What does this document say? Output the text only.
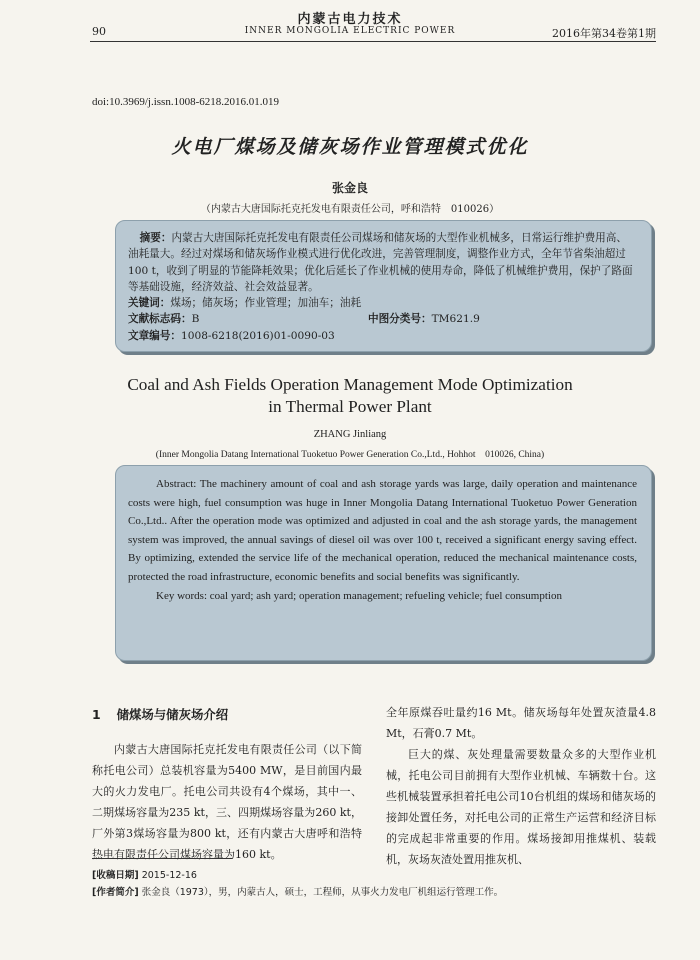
内蒙古电力技术
INNER MONGOLIA ELECTRIC POWER
90	2016年第34卷第1期
doi:10.3969/j.issn.1008-6218.2016.01.019
火电厂煤场及储灰场作业管理模式优化
张金良
（内蒙古大唐国际托克托发电有限责任公司，呼和浩特　010026）

摘要：内蒙古大唐国际托克托发电有限责任公司煤场和储灰场的大型作业机械多，日常运行维护费用高、油耗量大。经过对煤场和储灰场作业模式进行优化改进，完善管理制度，调整作业方式，全年节省柴油超过100 t，收到了明显的节能降耗效果；优化后延长了作业机械的使用寿命，降低了机械维护费用，保护了路面等基础设施，经济效益、社会效益显著。

关键词：煤场；储灰场；作业管理；加油车；油耗

文献标志码：B	中图分类号：TM621.9

文章编号：1008-6218(2016)01-0090-03

Coal and Ash Fields Operation Management Mode Optimization
in Thermal Power Plant
ZHANG Jinliang
(Inner Mongolia Datang International Tuoketuo Power Generation Co.,Ltd., Hohhot　010026, China)

Abstract: The machinery amount of coal and ash storage yards was large, daily operation and maintenance costs were high, fuel consumption was huge in Inner Mongolia Datang International Tuoketuo Power Generation Co.,Ltd.. After the operation mode was optimized and adjusted in coal and the ash storage yards, the management system was improved, the annual savings of diesel oil was over 100 t, received a significant energy saving effect. By optimizing, extended the service life of the mechanical operation, reduced the mechanical maintenance costs, protected the road infrastructure, economic benefits and social benefits was significantly.

Key words: coal yard; ash yard; operation management; refueling vehicle; fuel consumption

1 储煤场与储灰场介绍
内蒙古大唐国际托克托发电有限责任公司（以下简称托电公司）总装机容量为5400 MW，是目前国内最大的火力发电厂。托电公司共设有4个煤场，其中一、二期煤场容量为235 kt，三、四期煤场容量为260 kt，厂外第3煤场容量为800 kt，还有内蒙古大唐呼和浩特热电有限责任公司煤场容量为160 kt。

全年原煤吞吐量约16 Mt。储灰场每年处置灰渣量4.8 Mt，石膏0.7 Mt。

巨大的煤、灰处理量需要数量众多的大型作业机械，托电公司目前拥有大型作业机械、车辆数十台。这些机械装置承担着托电公司10台机组的煤场和储灰场的接卸处置任务，对托电公司的正常生产运营和经济目标的完成起非常重要的作用。煤场接卸用推煤机、装载机，灰场灰渣处置用推灰机、

[收稿日期] 2015-12-16
[作者简介] 张金良（1973），男，内蒙古人，硕士，工程师，从事火力发电厂机组运行管理工作。
